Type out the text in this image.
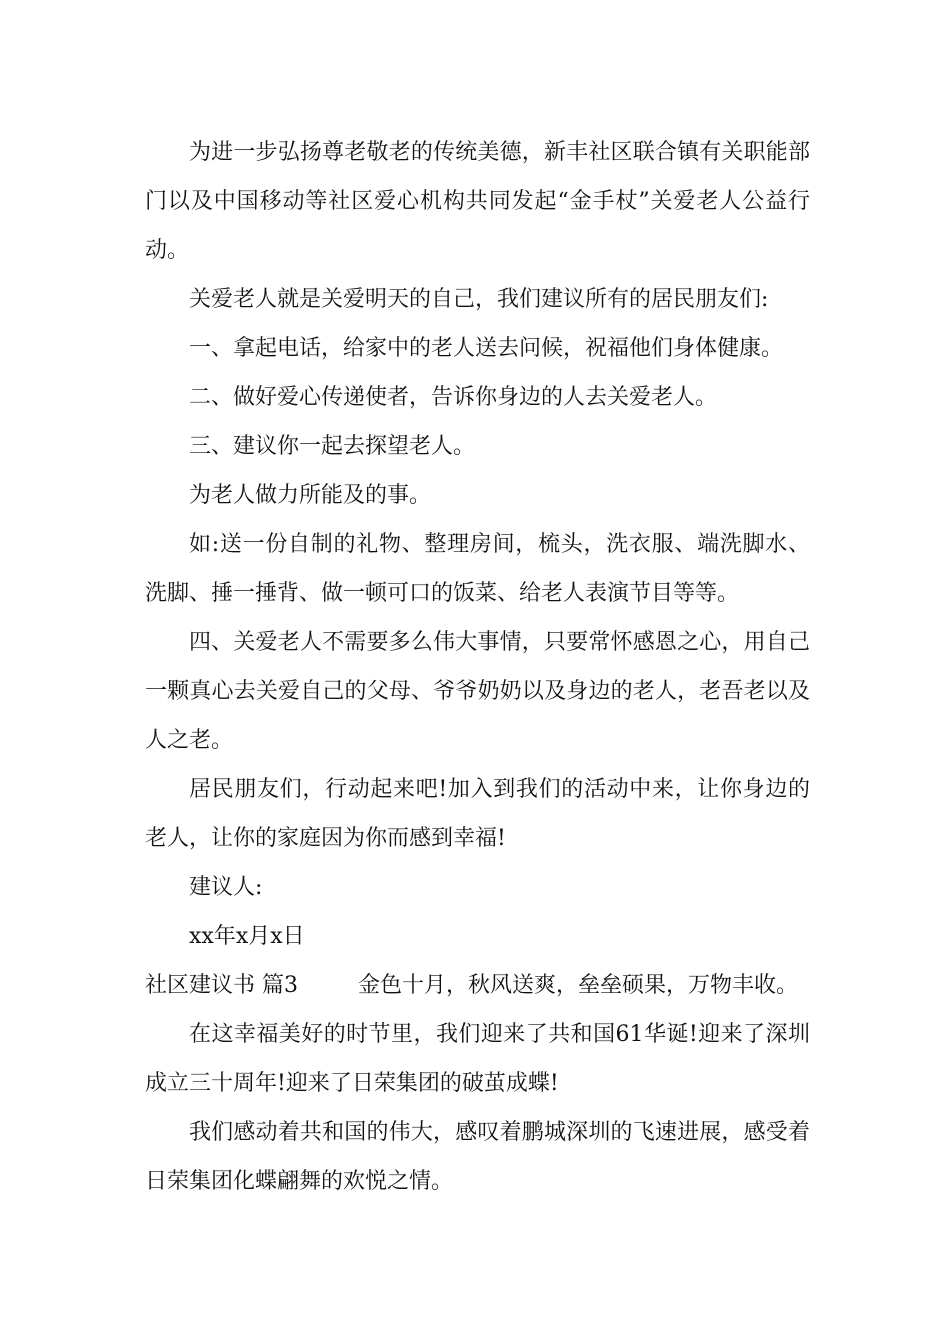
为进一步弘扬尊老敬老的传统美德，新丰社区联合镇有关职能部门以及中国移动等社区爱心机构共同发起“金手杖”关爱老人公益行动。

关爱老人就是关爱明天的自己，我们建议所有的居民朋友们:

一、拿起电话，给家中的老人送去问候，祝福他们身体健康。

二、做好爱心传递使者，告诉你身边的人去关爱老人。

三、建议你一起去探望老人。

为老人做力所能及的事。

如:送一份自制的礼物、整理房间，梳头，洗衣服、端洗脚水、洗脚、捶一捶背、做一顿可口的饭菜、给老人表演节目等等。

四、关爱老人不需要多么伟大事情，只要常怀感恩之心，用自己一颗真心去关爱自己的父母、爷爷奶奶以及身边的老人，老吾老以及人之老。

居民朋友们，行动起来吧!加入到我们的活动中来，让你身边的老人，让你的家庭因为你而感到幸福!

建议人:

xx年x月x日

社区建议书 篇3	金色十月，秋风送爽，垒垒硕果，万物丰收。

在这幸福美好的时节里，我们迎来了共和国61华诞!迎来了深圳成立三十周年!迎来了日荣集团的破茧成蝶!

我们感动着共和国的伟大，感叹着鹏城深圳的飞速进展，感受着日荣集团化蝶翩舞的欢悦之情。
